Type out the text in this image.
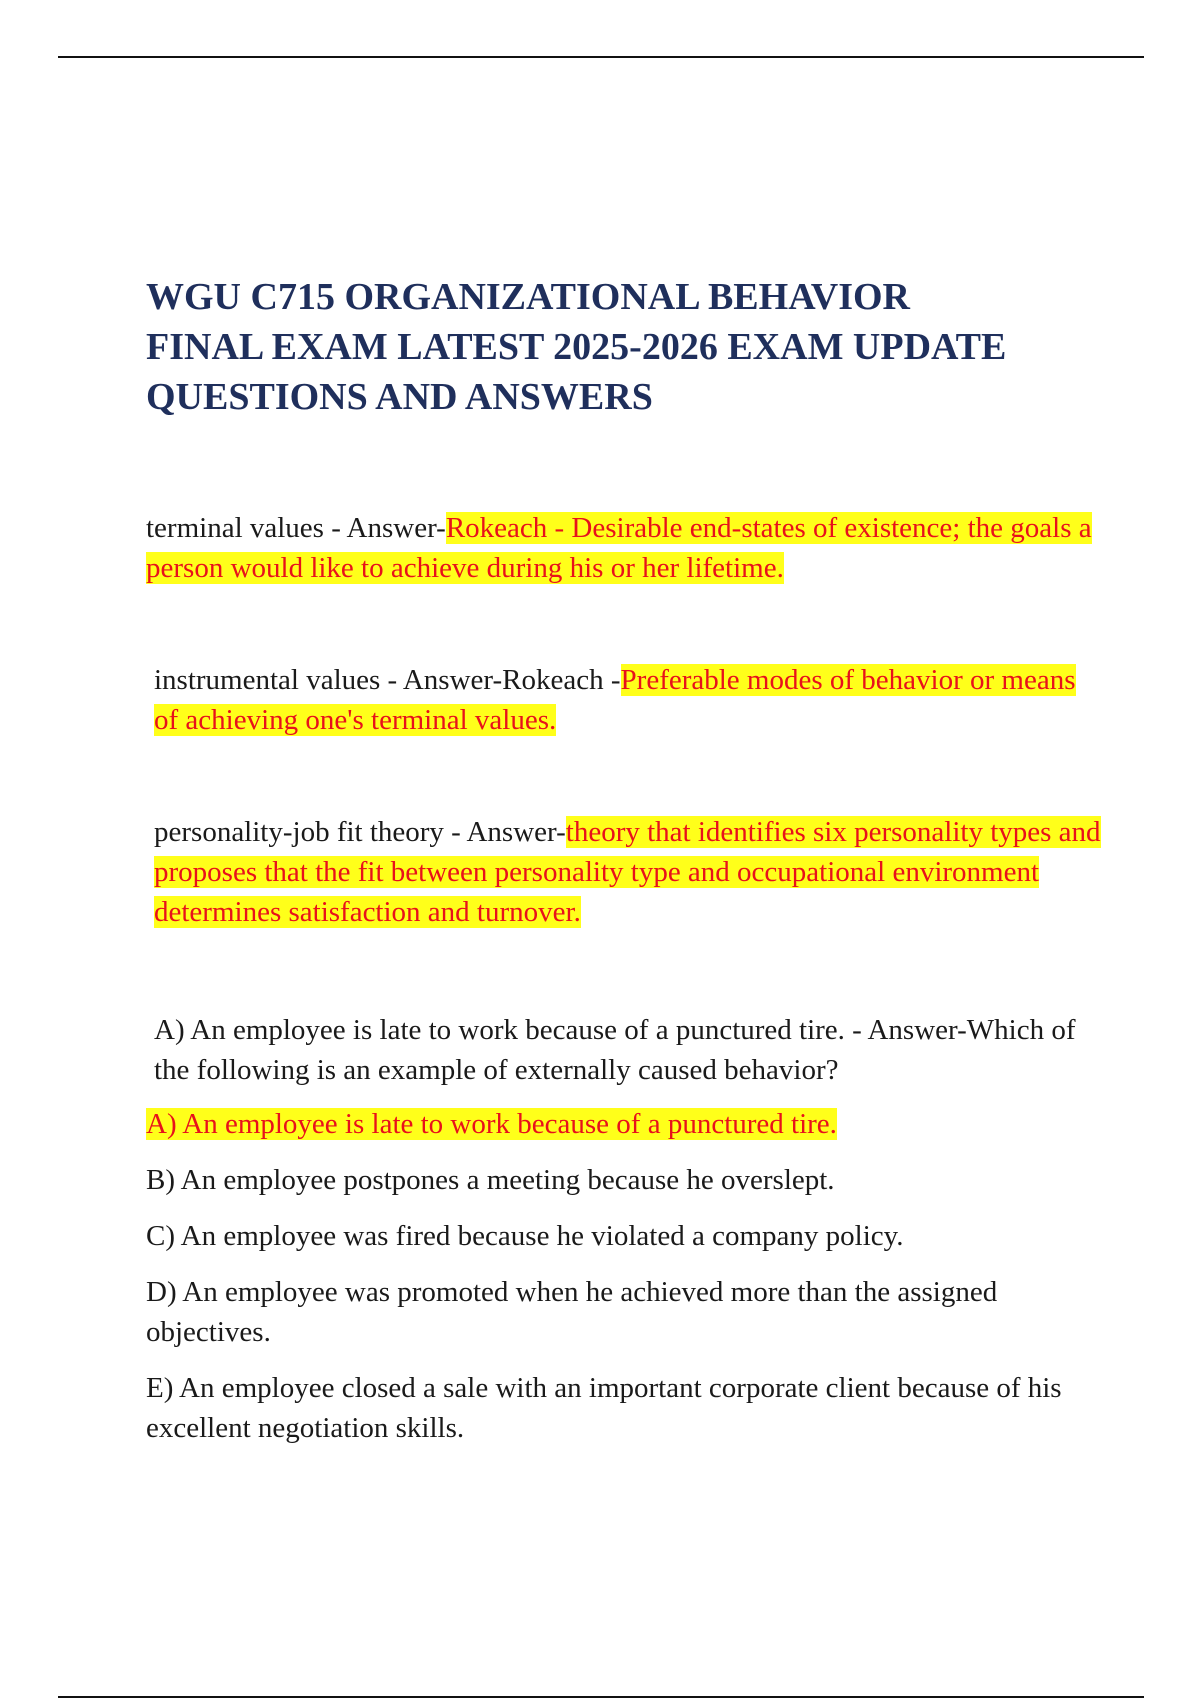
WGU C715 ORGANIZATIONAL BEHAVIOR
FINAL EXAM LATEST 2025-2026 EXAM UPDATE
QUESTIONS AND ANSWERS

terminal values - Answer-Rokeach - Desirable end-states of existence; the goals a person would like to achieve during his or her lifetime.

instrumental values - Answer-Rokeach -Preferable modes of behavior or means of achieving one's terminal values.

personality-job fit theory - Answer-theory that identifies six personality types and proposes that the fit between personality type and occupational environment determines satisfaction and turnover.

A) An employee is late to work because of a punctured tire. - Answer-Which of the following is an example of externally caused behavior?

A) An employee is late to work because of a punctured tire.

B) An employee postpones a meeting because he overslept.

C) An employee was fired because he violated a company policy.

D) An employee was promoted when he achieved more than the assigned objectives.

E) An employee closed a sale with an important corporate client because of his excellent negotiation skills.
